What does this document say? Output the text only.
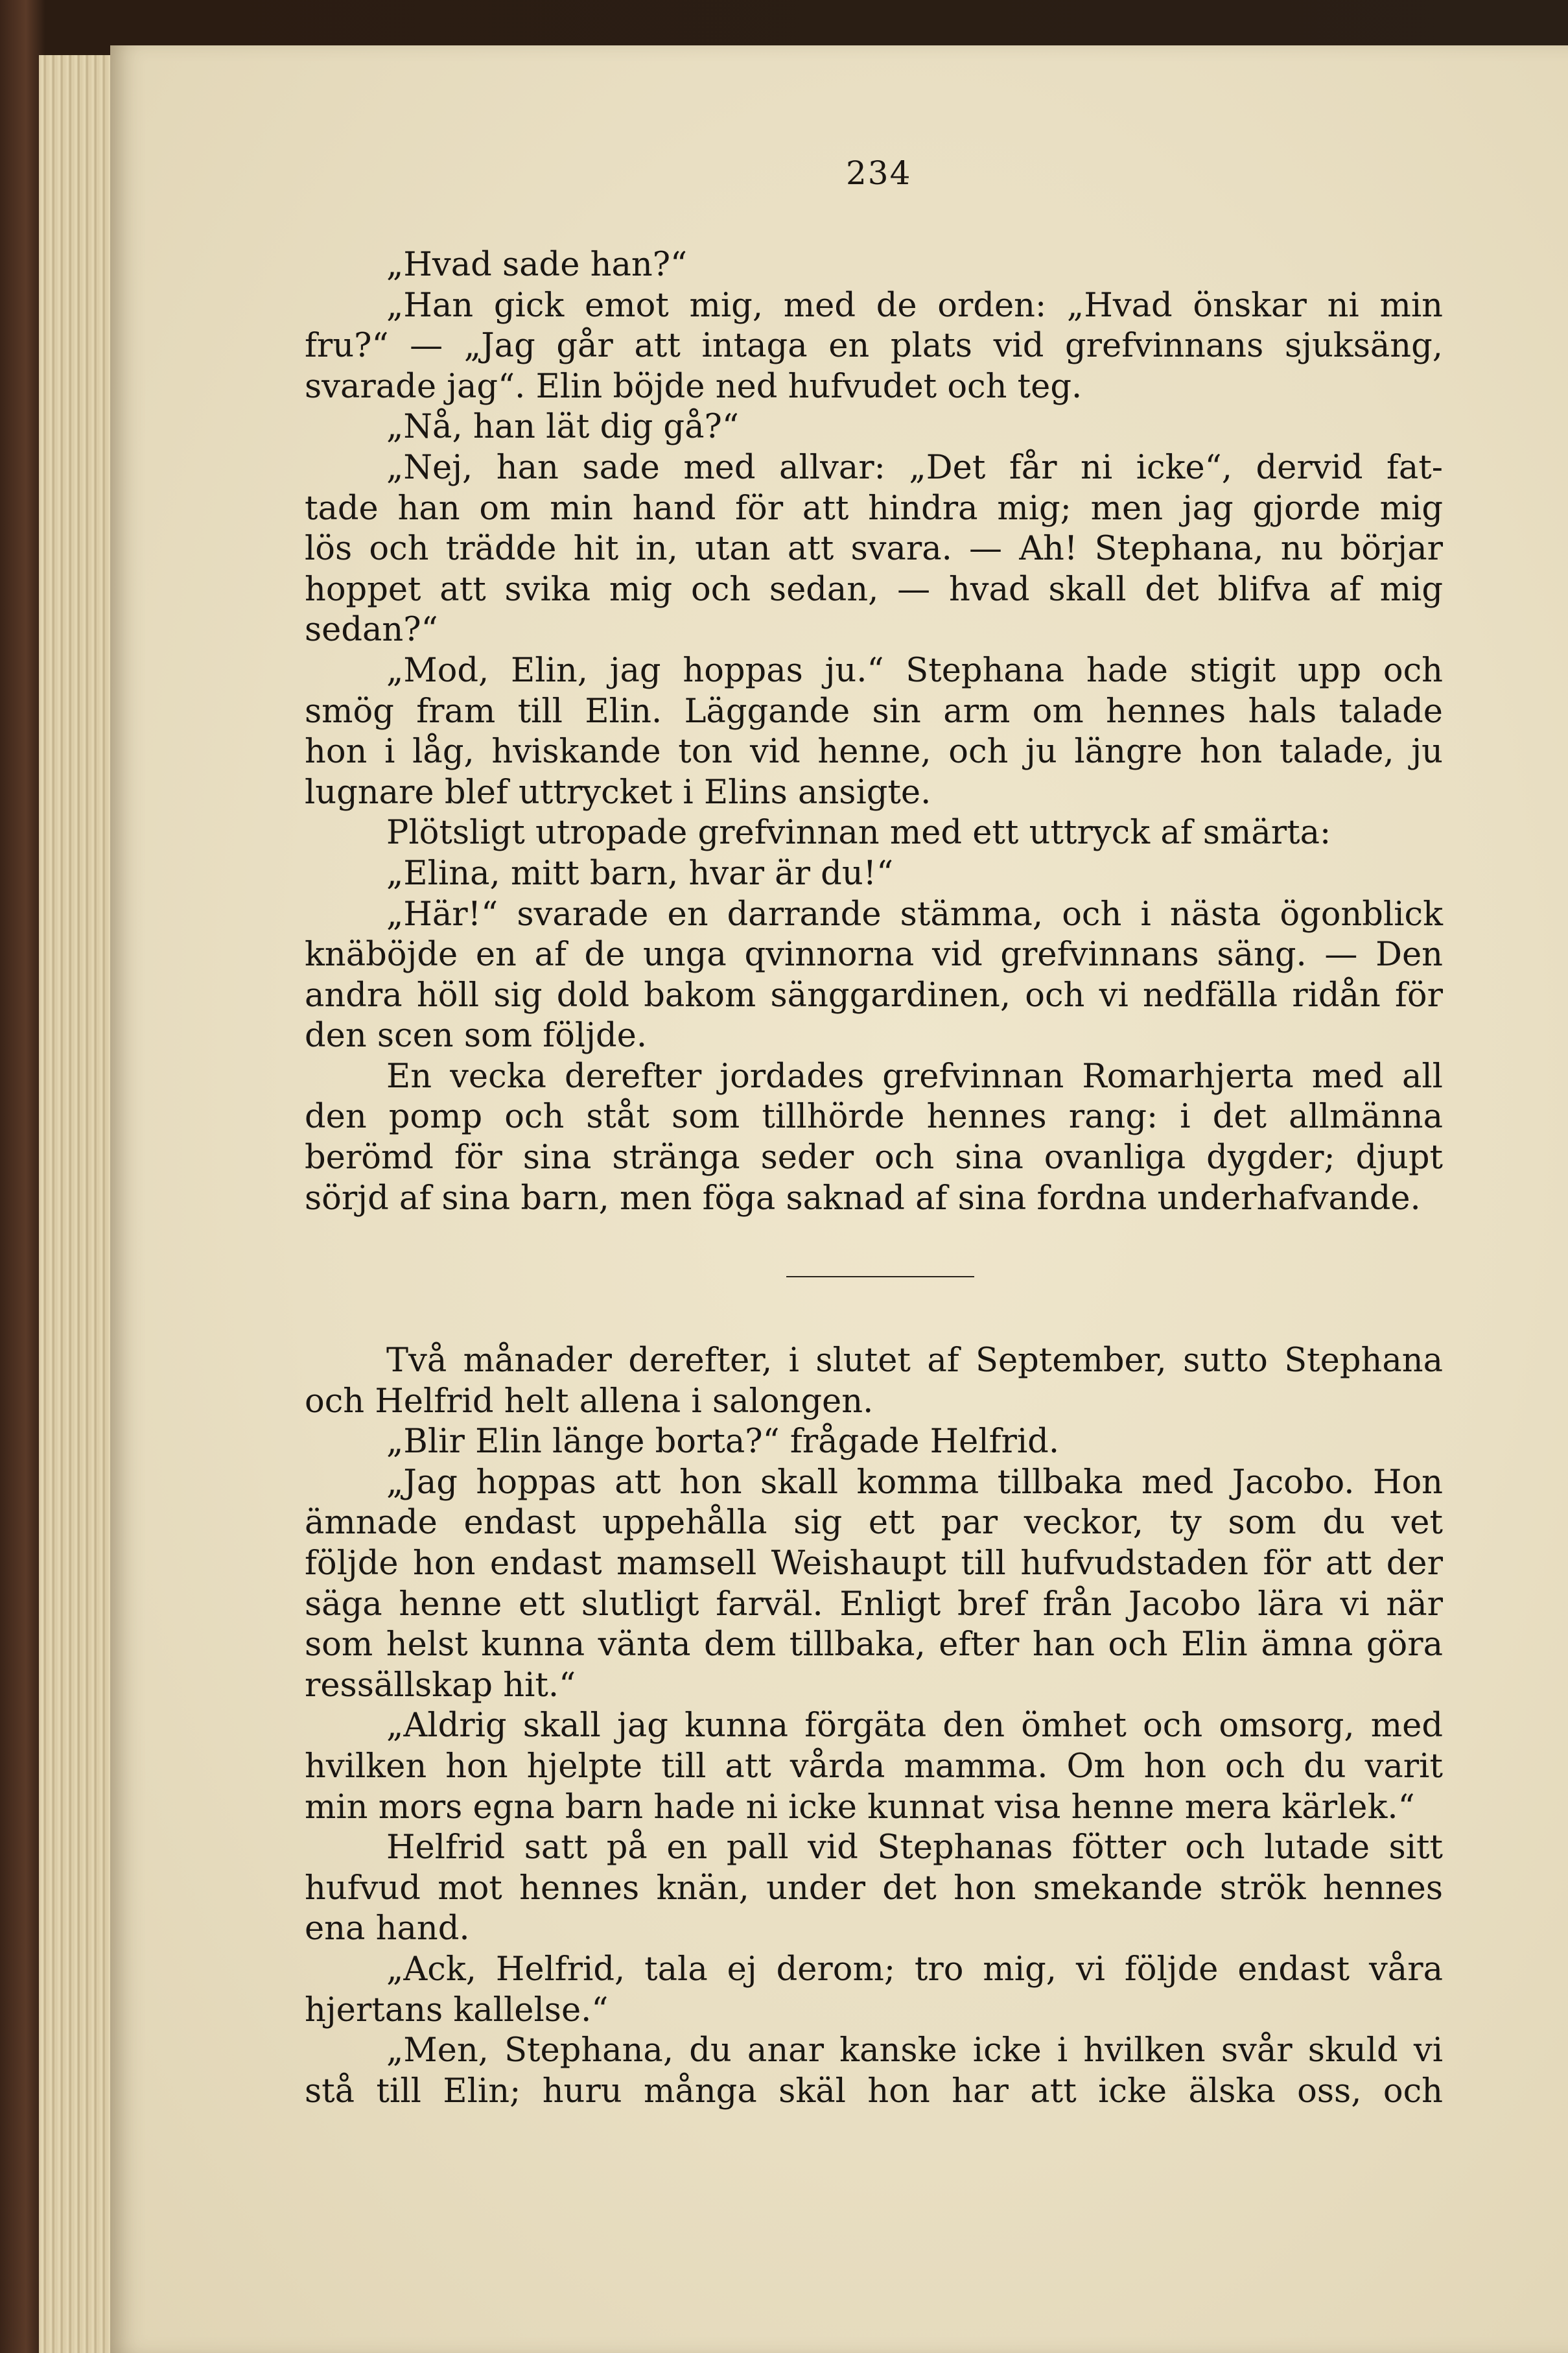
234
„Hvad sade han?“
„Han gick emot mig, med de orden: „Hvad önskar ni min
fru?“ — „Jag går att intaga en plats vid grefvinnans sjuksäng,
svarade jag“. Elin böjde ned hufvudet och teg.
„Nå, han lät dig gå?“
„Nej, han sade med allvar: „Det får ni icke“, dervid fat-
tade han om min hand för att hindra mig; men jag gjorde mig
lös och trädde hit in, utan att svara. — Ah! Stephana, nu börjar
hoppet att svika mig och sedan, — hvad skall det blifva af mig
sedan?“
„Mod, Elin, jag hoppas ju.“ Stephana hade stigit upp och
smög fram till Elin. Läggande sin arm om hennes hals talade
hon i låg, hviskande ton vid henne, och ju längre hon talade, ju
lugnare blef uttrycket i Elins ansigte.
Plötsligt utropade grefvinnan med ett uttryck af smärta:
„Elina, mitt barn, hvar är du!“
„Här!“ svarade en darrande stämma, och i nästa ögonblick
knäböjde en af de unga qvinnorna vid grefvinnans säng. — Den
andra höll sig dold bakom sänggardinen, och vi nedfälla ridån för
den scen som följde.
En vecka derefter jordades grefvinnan Romarhjerta med all
den pomp och ståt som tillhörde hennes rang: i det allmänna
berömd för sina stränga seder och sina ovanliga dygder; djupt
sörjd af sina barn, men föga saknad af sina fordna underhafvande.
Två månader derefter, i slutet af September, sutto Stephana
och Helfrid helt allena i salongen.
„Blir Elin länge borta?“ frågade Helfrid.
„Jag hoppas att hon skall komma tillbaka med Jacobo. Hon
ämnade endast uppehålla sig ett par veckor, ty som du vet
följde hon endast mamsell Weishaupt till hufvudstaden för att der
säga henne ett slutligt farväl. Enligt bref från Jacobo lära vi när
som helst kunna vänta dem tillbaka, efter han och Elin ämna göra
ressällskap hit.“
„Aldrig skall jag kunna förgäta den ömhet och omsorg, med
hvilken hon hjelpte till att vårda mamma. Om hon och du varit
min mors egna barn hade ni icke kunnat visa henne mera kärlek.“
Helfrid satt på en pall vid Stephanas fötter och lutade sitt
hufvud mot hennes knän, under det hon smekande strök hennes
ena hand.
„Ack, Helfrid, tala ej derom; tro mig, vi följde endast våra
hjertans kallelse.“
„Men, Stephana, du anar kanske icke i hvilken svår skuld vi
stå till Elin; huru många skäl hon har att icke älska oss, och
